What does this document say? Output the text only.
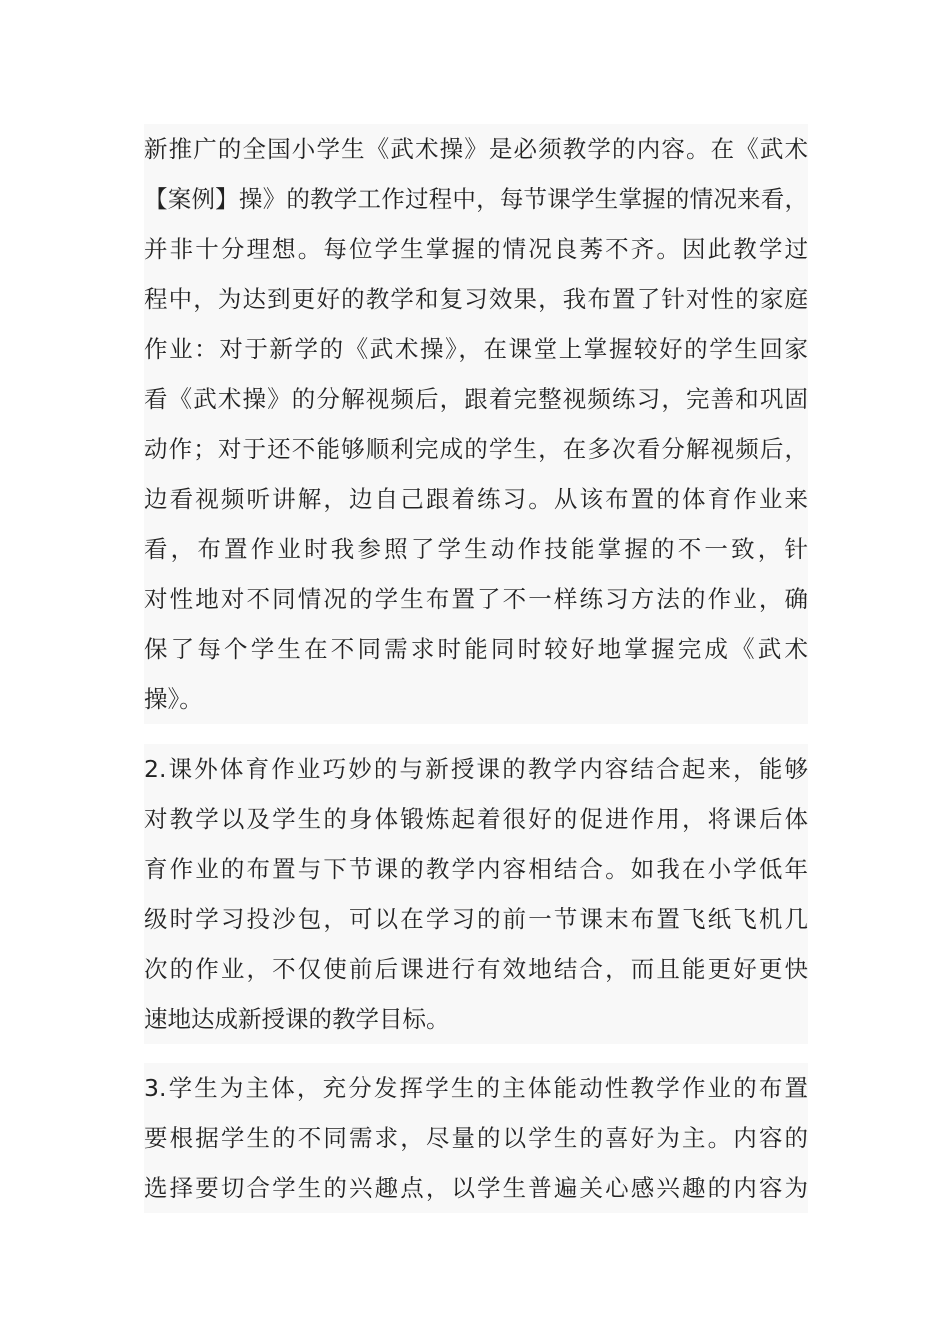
新推广的全国小学生《武术操》是必须教学的内容。在《武术
【案例】操》的教学工作过程中，每节课学生掌握的情况来看，
并非十分理想。每位学生掌握的情况良莠不齐。因此教学过
程中，为达到更好的教学和复习效果，我布置了针对性的家庭
作业：对于新学的《武术操》，在课堂上掌握较好的学生回家
看《武术操》的分解视频后，跟着完整视频练习，完善和巩固
动作；对于还不能够顺利完成的学生，在多次看分解视频后，
边看视频听讲解，边自己跟着练习。从该布置的体育作业来
看，布置作业时我参照了学生动作技能掌握的不一致，针
对性地对不同情况的学生布置了不一样练习方法的作业，确
保了每个学生在不同需求时能同时较好地掌握完成《武术
操》。
2.课外体育作业巧妙的与新授课的教学内容结合起来，能够
对教学以及学生的身体锻炼起着很好的促进作用，将课后体
育作业的布置与下节课的教学内容相结合。如我在小学低年
级时学习投沙包，可以在学习的前一节课末布置飞纸飞机几
次的作业，不仅使前后课进行有效地结合，而且能更好更快
速地达成新授课的教学目标。
3.学生为主体，充分发挥学生的主体能动性教学作业的布置
要根据学生的不同需求，尽量的以学生的喜好为主。内容的
选择要切合学生的兴趣点，以学生普遍关心感兴趣的内容为
